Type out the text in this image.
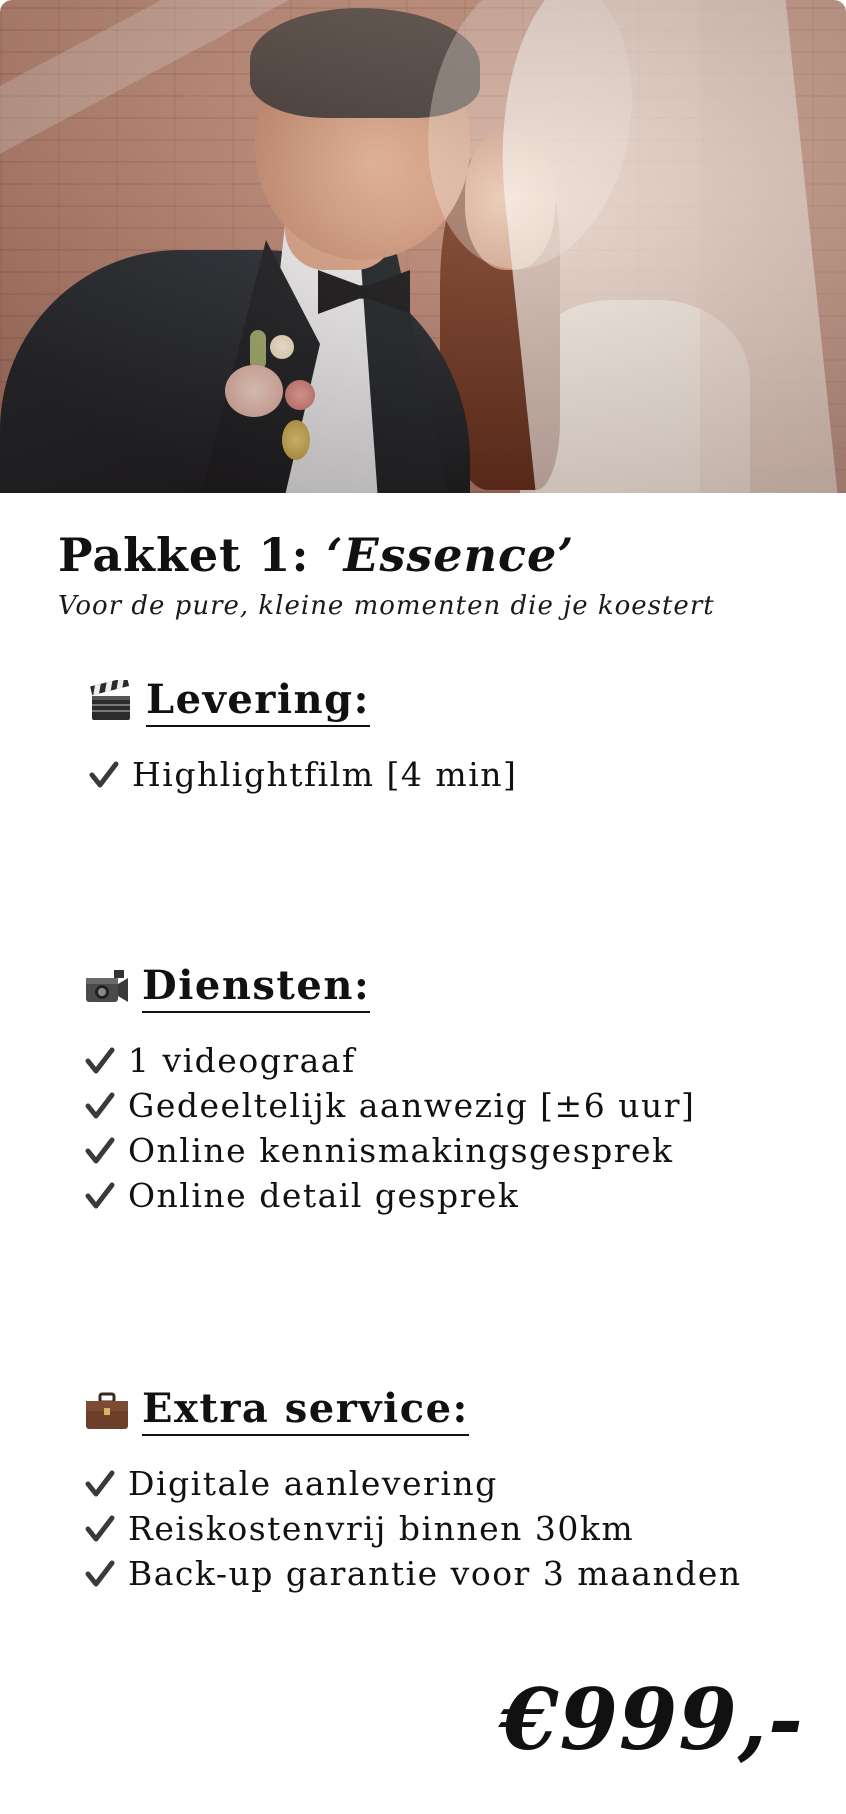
Pakket 1: ‘Essence’
Voor de pure, kleine momenten die je koestert
Levering:
Highlightfilm [4 min]
Diensten:
1 videograaf
Gedeeltelijk aanwezig [±6 uur]
Online kennismakingsgesprek
Online detail gesprek
Extra service:
Digitale aanlevering
Reiskostenvrij binnen 30km
Back-up garantie voor 3 maanden
€999,-
